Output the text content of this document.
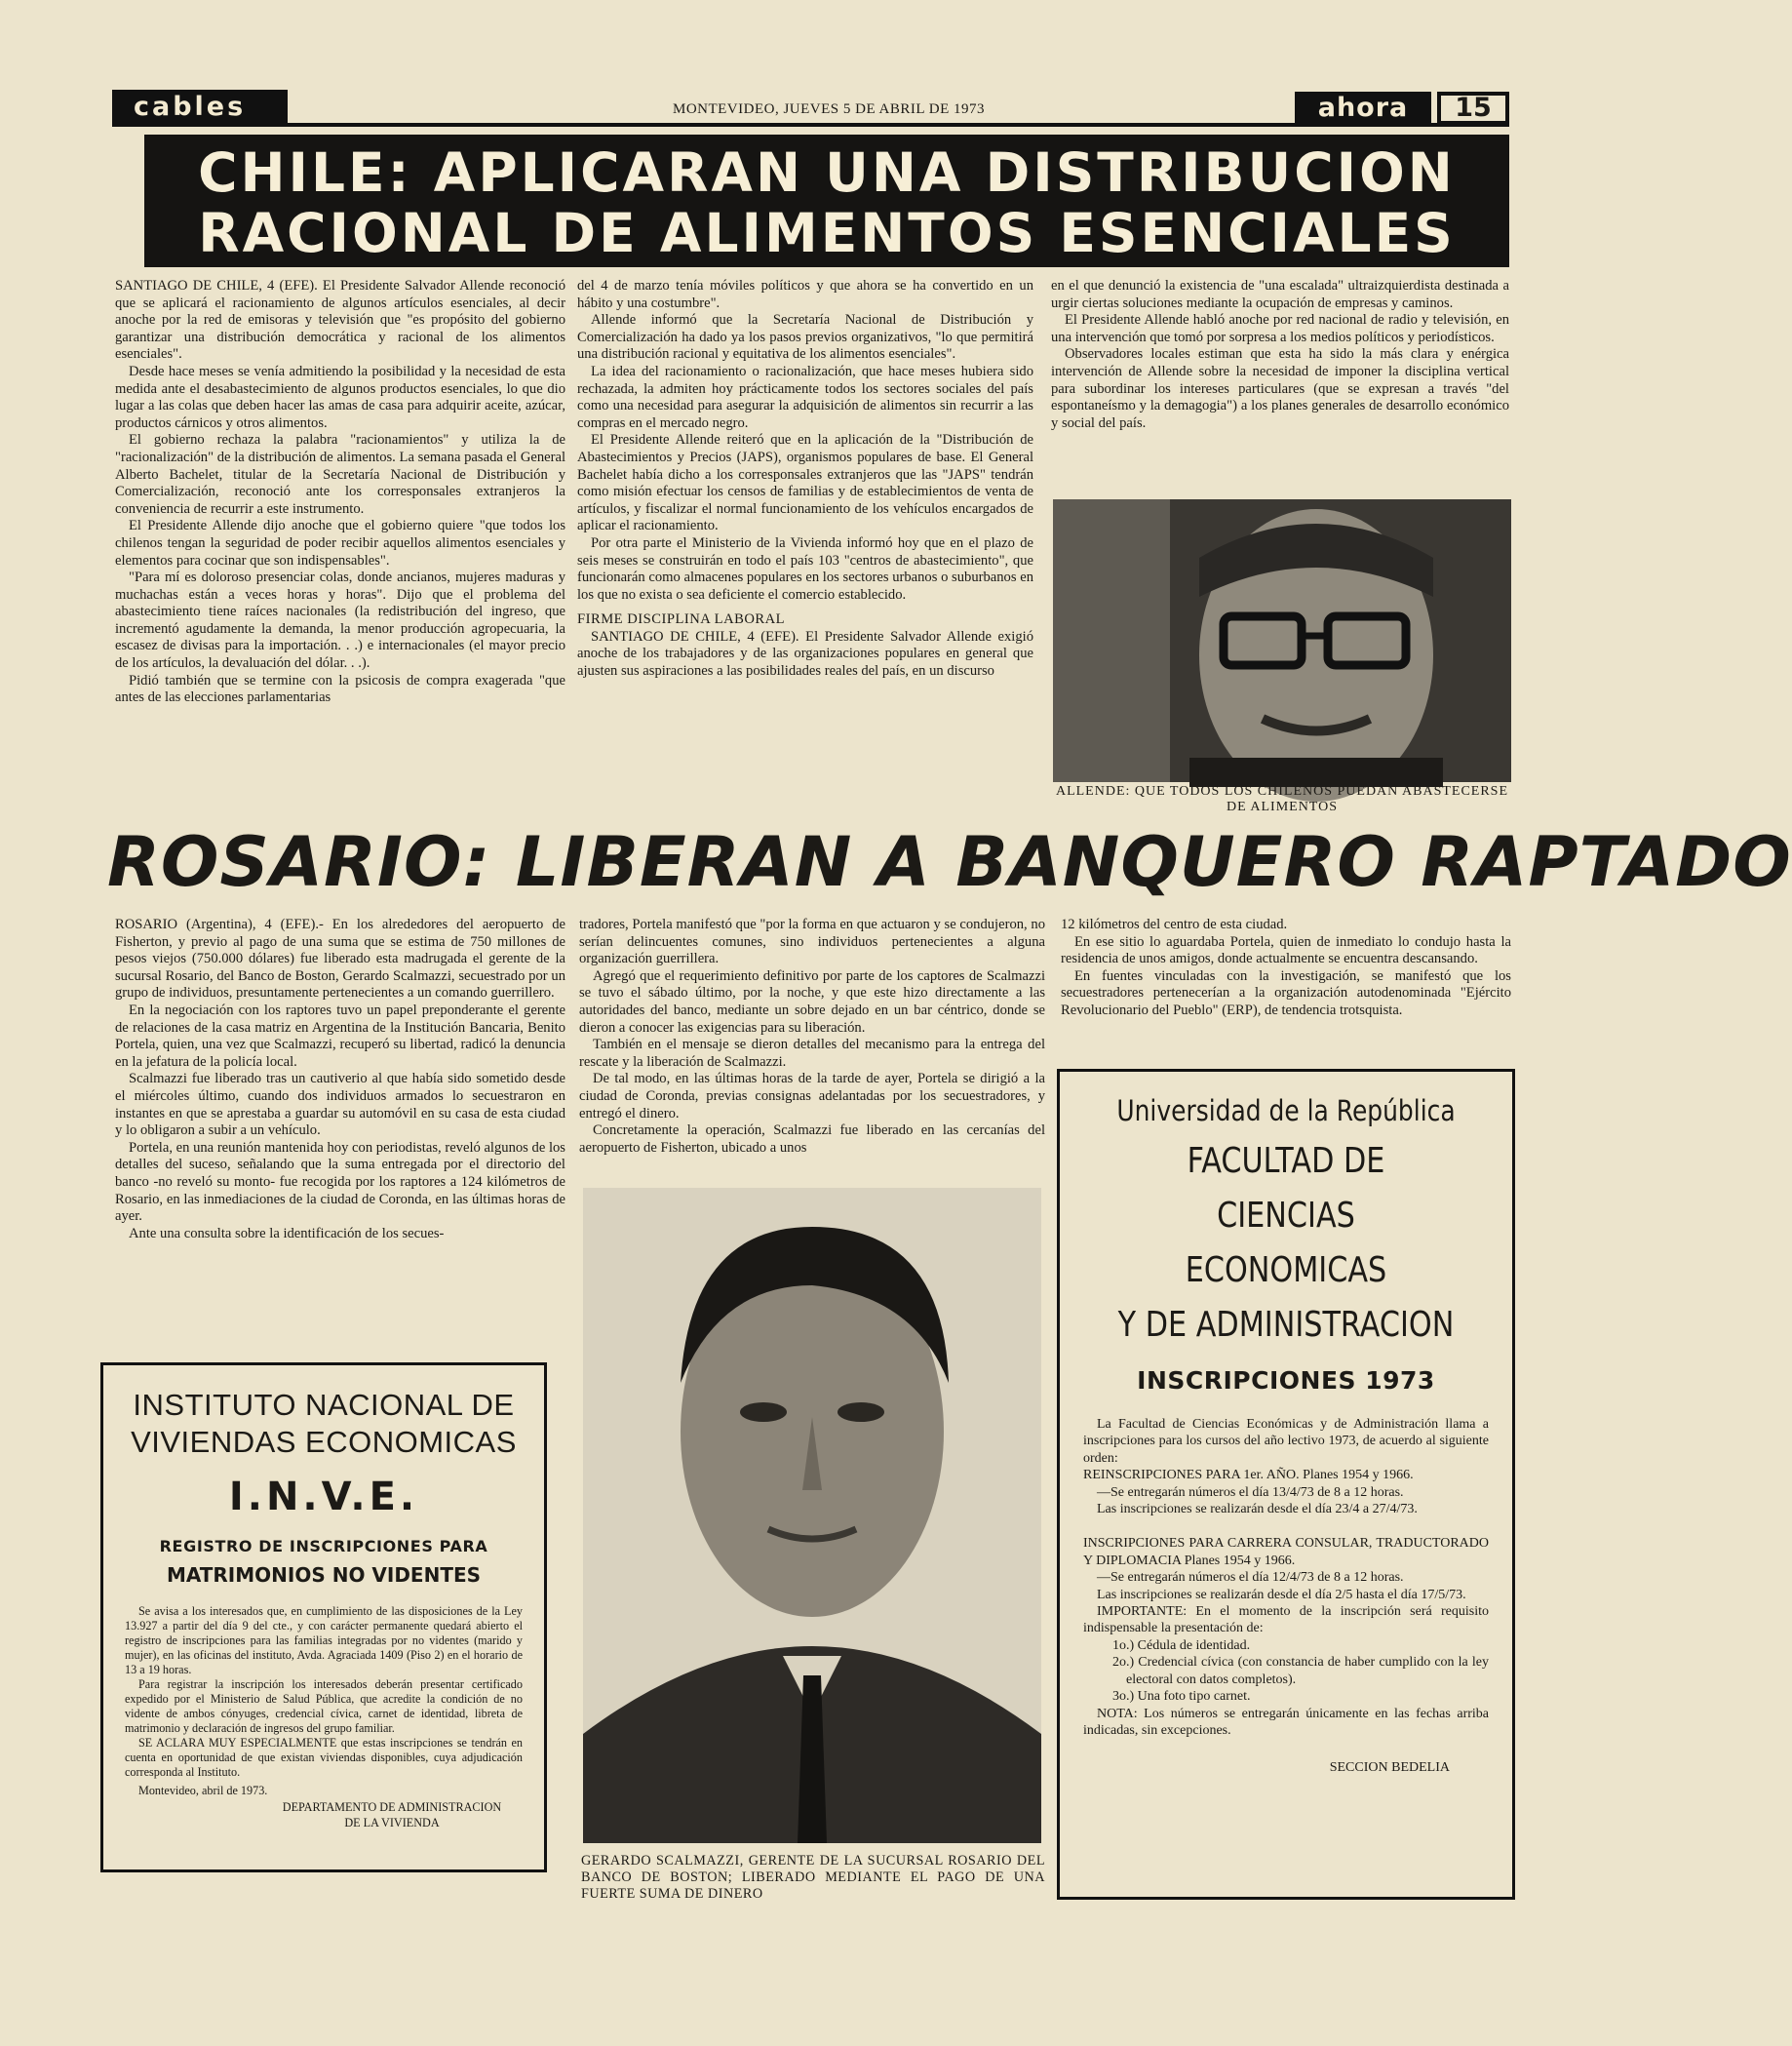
cables	MONTEVIDEO, JUEVES 5 DE ABRIL DE 1973	ahora	15
CHILE: APLICARAN UNA DISTRIBUCION
RACIONAL DE ALIMENTOS ESENCIALES

SANTIAGO DE CHILE, 4 (EFE). El Presidente Salvador Allende reconoció que se aplicará el racionamiento de algunos artículos esenciales, al decir anoche por la red de emisoras y televisión que "es propósito del gobierno garantizar una distribución democrática y racional de los alimentos esenciales".

Desde hace meses se venía admitiendo la posibilidad y la necesidad de esta medida ante el desabastecimiento de algunos productos esenciales, lo que dio lugar a las colas que deben hacer las amas de casa para adquirir aceite, azúcar, productos cárnicos y otros alimentos.

El gobierno rechaza la palabra "racionamientos" y utiliza la de "racionalización" de la distribución de alimentos. La semana pasada el General Alberto Bachelet, titular de la Secretaría Nacional de Distribución y Comercialización, reconoció ante los corresponsales extranjeros la conveniencia de recurrir a este instrumento.

El Presidente Allende dijo anoche que el gobierno quiere "que todos los chilenos tengan la seguridad de poder recibir aquellos alimentos esenciales y elementos para cocinar que son indispensables".

"Para mí es doloroso presenciar colas, donde ancianos, mujeres maduras y muchachas están a veces horas y horas". Dijo que el problema del abastecimiento tiene raíces nacionales (la redistribución del ingreso, que incrementó agudamente la demanda, la menor producción agropecuaria, la escasez de divisas para la importación. . .) e internacionales (el mayor precio de los artículos, la devaluación del dólar. . .).

Pidió también que se termine con la psicosis de compra exagerada "que antes de las elecciones parlamentarias

del 4 de marzo tenía móviles políticos y que ahora se ha convertido en un hábito y una costumbre".

Allende informó que la Secretaría Nacional de Distribución y Comercialización ha dado ya los pasos previos organizativos, "lo que permitirá una distribución racional y equitativa de los alimentos esenciales".

La idea del racionamiento o racionalización, que hace meses hubiera sido rechazada, la admiten hoy prácticamente todos los sectores sociales del país como una necesidad para asegurar la adquisición de alimentos sin recurrir a las compras en el mercado negro.

El Presidente Allende reiteró que en la aplicación de la "Distribución de Abastecimientos y Precios (JAPS), organismos populares de base. El General Bachelet había dicho a los corresponsales extranjeros que las "JAPS" tendrán como misión efectuar los censos de familias y de establecimientos de venta de artículos, y fiscalizar el normal funcionamiento de los vehículos encargados de aplicar el racionamiento.

Por otra parte el Ministerio de la Vivienda informó hoy que en el plazo de seis meses se construirán en todo el país 103 "centros de abastecimiento", que funcionarán como almacenes populares en los sectores urbanos o suburbanos en los que no exista o sea deficiente el comercio establecido.

FIRME DISCIPLINA LABORAL

SANTIAGO DE CHILE, 4 (EFE). El Presidente Salvador Allende exigió anoche de los trabajadores y de las organizaciones populares en general que ajusten sus aspiraciones a las posibilidades reales del país, en un discurso

en el que denunció la existencia de "una escalada" ultraizquierdista destinada a urgir ciertas soluciones mediante la ocupación de empresas y caminos.

El Presidente Allende habló anoche por red nacional de radio y televisión, en una intervención que tomó por sorpresa a los medios políticos y periodísticos.

Observadores locales estiman que esta ha sido la más clara y enérgica intervención de Allende sobre la necesidad de imponer la disciplina vertical para subordinar los intereses particulares (que se expresan a través "del espontaneísmo y la demagogia") a los planes generales de desarrollo económico y social del país.

ALLENDE: QUE TODOS LOS CHILENOS PUEDAN ABASTECERSE DE ALIMENTOS
ROSARIO: LIBERAN A BANQUERO RAPTADO

ROSARIO (Argentina), 4 (EFE).- En los alrededores del aeropuerto de Fisherton, y previo al pago de una suma que se estima de 750 millones de pesos viejos (750.000 dólares) fue liberado esta madrugada el gerente de la sucursal Rosario, del Banco de Boston, Gerardo Scalmazzi, secuestrado por un grupo de individuos, presuntamente pertenecientes a un comando guerrillero.

En la negociación con los raptores tuvo un papel preponderante el gerente de relaciones de la casa matriz en Argentina de la Institución Bancaria, Benito Portela, quien, una vez que Scalmazzi, recuperó su libertad, radicó la denuncia en la jefatura de la policía local.

Scalmazzi fue liberado tras un cautiverio al que había sido sometido desde el miércoles último, cuando dos individuos armados lo secuestraron en instantes en que se aprestaba a guardar su automóvil en su casa de esta ciudad y lo obligaron a subir a un vehículo.

Portela, en una reunión mantenida hoy con periodistas, reveló algunos de los detalles del suceso, señalando que la suma entregada por el directorio del banco -no reveló su monto- fue recogida por los raptores a 124 kilómetros de Rosario, en las inmediaciones de la ciudad de Coronda, en las últimas horas de ayer.

Ante una consulta sobre la identificación de los secues-

tradores, Portela manifestó que "por la forma en que actuaron y se condujeron, no serían delincuentes comunes, sino individuos pertenecientes a alguna organización guerrillera.

Agregó que el requerimiento definitivo por parte de los captores de Scalmazzi se tuvo el sábado último, por la noche, y que este hizo directamente a las autoridades del banco, mediante un sobre dejado en un bar céntrico, donde se dieron a conocer las exigencias para su liberación.

También en el mensaje se dieron detalles del mecanismo para la entrega del rescate y la liberación de Scalmazzi.

De tal modo, en las últimas horas de la tarde de ayer, Portela se dirigió a la ciudad de Coronda, previas consignas adelantadas por los secuestradores, y entregó el dinero.

Concretamente la operación, Scalmazzi fue liberado en las cercanías del aeropuerto de Fisherton, ubicado a unos

12 kilómetros del centro de esta ciudad.

En ese sitio lo aguardaba Portela, quien de inmediato lo condujo hasta la residencia de unos amigos, donde actualmente se encuentra descansando.

En fuentes vinculadas con la investigación, se manifestó que los secuestradores pertenecerían a la organización autodenominada "Ejército Revolucionario del Pueblo" (ERP), de tendencia trotsquista.

INSTITUTO NACIONAL DE
VIVIENDAS ECONOMICAS
I.N.V.E.
REGISTRO DE INSCRIPCIONES PARA
MATRIMONIOS NO VIDENTES

Se avisa a los interesados que, en cumplimiento de las disposiciones de la Ley 13.927 a partir del día 9 del cte., y con carácter permanente quedará abierto el registro de inscripciones para las familias integradas por no videntes (marido y mujer), en las oficinas del instituto, Avda. Agraciada 1409 (Piso 2) en el horario de 13 a 19 horas.

Para registrar la inscripción los interesados deberán presentar certificado expedido por el Ministerio de Salud Pública, que acredite la condición de no vidente de ambos cónyuges, credencial cívica, carnet de identidad, libreta de matrimonio y declaración de ingresos del grupo familiar.

SE ACLARA MUY ESPECIALMENTE que estas inscripciones se tendrán en cuenta en oportunidad de que existan viviendas disponibles, cuya adjudicación corresponda al Instituto.

Montevideo, abril de 1973.
DEPARTAMENTO DE ADMINISTRACION
DE LA VIVIENDA
GERARDO SCALMAZZI, GERENTE DE LA SUCURSAL ROSARIO DEL BANCO DE BOSTON; LIBERADO MEDIANTE EL PAGO DE UNA FUERTE SUMA DE DINERO
Universidad de la República
FACULTAD DE CIENCIAS
ECONOMICAS
Y DE ADMINISTRACION
INSCRIPCIONES 1973

La Facultad de Ciencias Económicas y de Administración llama a inscripciones para los cursos del año lectivo 1973, de acuerdo al siguiente orden:

REINSCRIPCIONES PARA 1er. AÑO. Planes 1954 y 1966.

—Se entregarán números el día 13/4/73 de 8 a 12 horas.

Las inscripciones se realizarán desde el día 23/4 a 27/4/73.

INSCRIPCIONES PARA CARRERA CONSULAR, TRADUCTORADO Y DIPLOMACIA Planes 1954 y 1966.

—Se entregarán números el día 12/4/73 de 8 a 12 horas.

Las inscripciones se realizarán desde el día 2/5 hasta el día 17/5/73.

IMPORTANTE: En el momento de la inscripción será requisito indispensable la presentación de:

1o.) Cédula de identidad.

2o.) Credencial cívica (con constancia de haber cumplido con la ley electoral con datos completos).

3o.) Una foto tipo carnet.

NOTA: Los números se entregarán únicamente en las fechas arriba indicadas, sin excepciones.

SECCION BEDELIA
